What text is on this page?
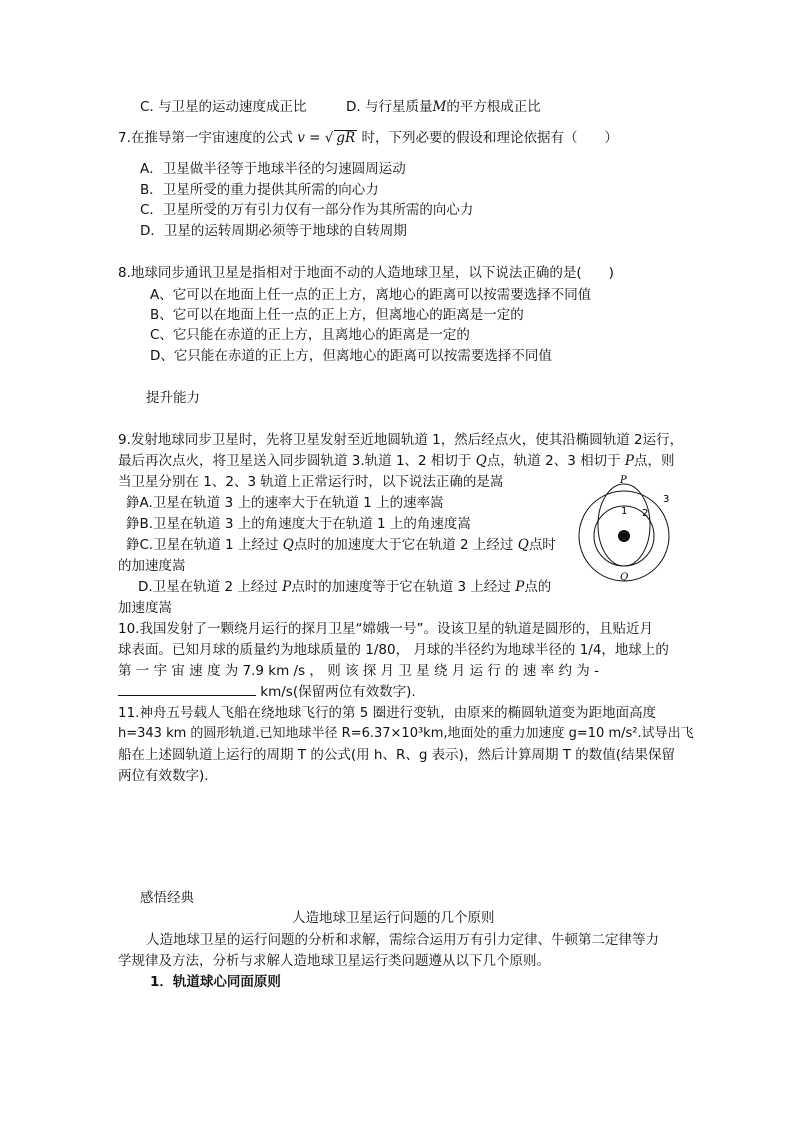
C. 与卫星的运动速度成正比	D. 与行星质量M的平方根成正比
7.在推导第一宇宙速度的公式 v = √ gR 时，下列必要的假设和理论依据有（　　）
A．卫星做半径等于地球半径的匀速圆周运动
B．卫星所受的重力提供其所需的向心力
C．卫星所受的万有引力仅有一部分作为其所需的向心力
D．卫星的运转周期必须等于地球的自转周期
8.地球同步通讯卫星是指相对于地面不动的人造地球卫星，以下说法正确的是(　　)
A、它可以在地面上任一点的正上方，离地心的距离可以按需要选择不同值
B、它可以在地面上任一点的正上方，但离地心的距离是一定的
C、它只能在赤道的正上方，且离地心的距离是一定的
D、它只能在赤道的正上方，但离地心的距离可以按需要选择不同值
提升能力
9.发射地球同步卫星时，先将卫星发射至近地圆轨道 1，然后经点火，使其沿椭圆轨道 2运行，
最后再次点火，将卫星送入同步圆轨道 3.轨道 1、2 相切于 Q点，轨道 2、3 相切于 P点，则
当卫星分别在 1、2、3 轨道上正常运行时，以下说法正确的是嵩
錚A.卫星在轨道 3 上的速率大于在轨道 1 上的速率嵩
錚B.卫星在轨道 3 上的角速度大于在轨道 1 上的角速度嵩
錚C.卫星在轨道 1 上经过 Q点时的加速度大于它在轨道 2 上经过 Q点时
的加速度嵩
D.卫星在轨道 2 上经过 P点时的加速度等于它在轨道 3 上经过 P点的
加速度嵩
P
Q
1 2
3
10.我国发射了一颗绕月运行的探月卫星“嫦娥一号”。设该卫星的轨道是圆形的，且贴近月
球表面。已知月球的质量约为地球质量的 1/80， 月球的半径约为地球半径的 1/4，地球上的
第 一 宇 宙 速 度 为 7.9 km /s ， 则 该 探 月 卫 星 绕 月 运 行 的 速 率 约 为 -
km/s(保留两位有效数字).
11.神舟五号载人飞船在绕地球飞行的第 5 圈进行变轨，由原来的椭圆轨道变为距地面高度
h=343 km 的圆形轨道.已知地球半径 R=6.37×10³km,地面处的重力加速度 g=10 m/s².试导出飞
船在上述圆轨道上运行的周期 T 的公式(用 h、R、g 表示)，然后计算周期 T 的数值(结果保留
两位有效数字).
感悟经典
人造地球卫星运行问题的几个原则
人造地球卫星的运行问题的分析和求解，需综合运用万有引力定律、牛顿第二定律等力
学规律及方法，分析与求解人造地球卫星运行类问题遵从以下几个原则。
1．轨道球心同面原则
